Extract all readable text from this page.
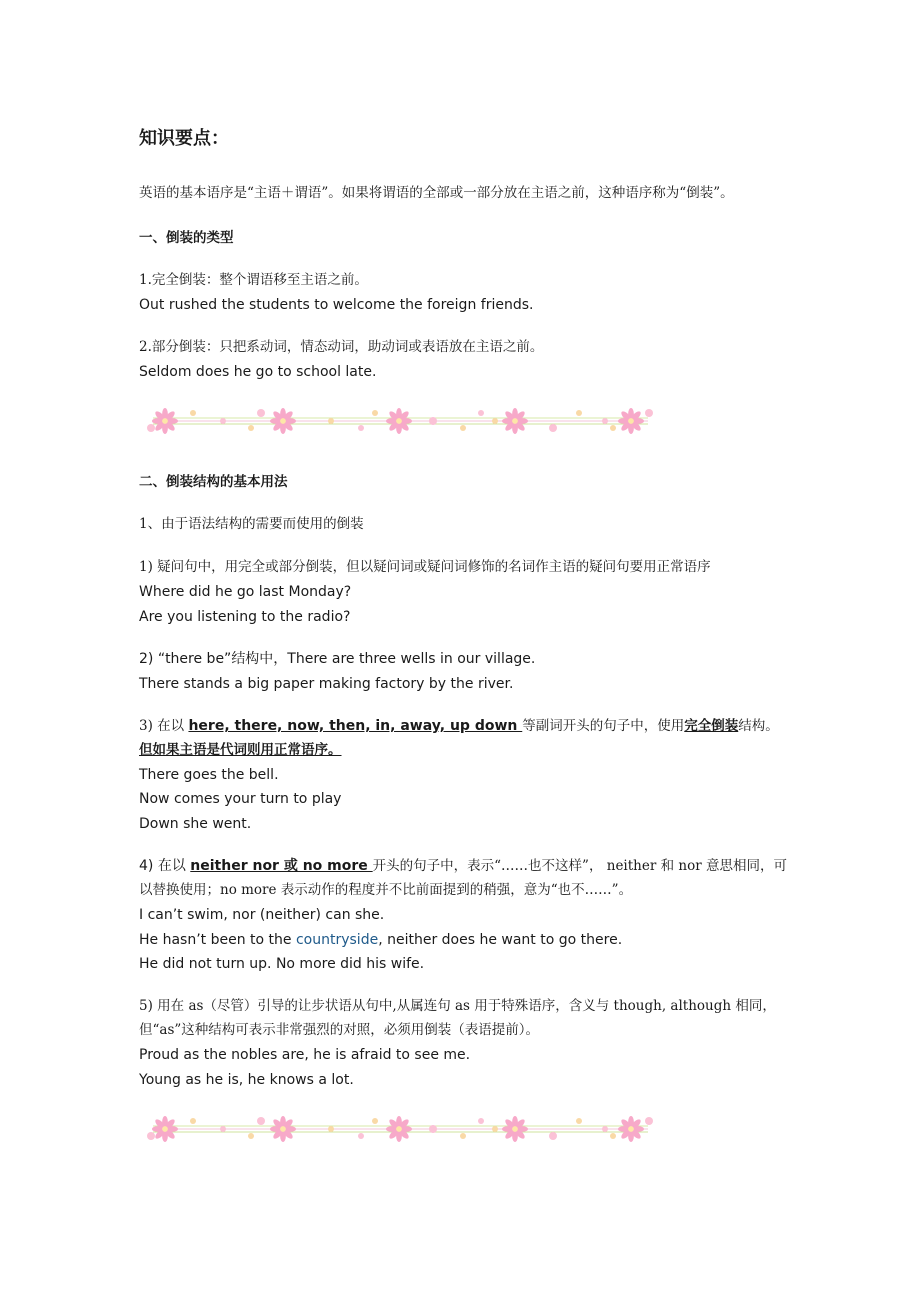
知识要点：
英语的基本语序是“主语＋谓语”。如果将谓语的全部或一部分放在主语之前，这种语序称为“倒装”。
一、倒装的类型
1.完全倒装：整个谓语移至主语之前。
Out rushed the students to welcome the foreign friends.
2.部分倒装：只把系动词，情态动词，助动词或表语放在主语之前。
Seldom does he go to school late.
二、倒装结构的基本用法
1、由于语法结构的需要而使用的倒装
1) 疑问句中，用完全或部分倒装，但以疑问词或疑问词修饰的名词作主语的疑问句要用正常语序
Where did he go last Monday?
Are you listening to the radio?
2) “there be”结构中，There are three wells in our village.
There stands a big paper making factory by the river.
3) 在以 here, there, now, then, in, away, up down 等副词开头的句子中，使用完全倒装结构。
但如果主语是代词则用正常语序。
There goes the bell.
Now comes your turn to play
Down she went.
4) 在以 neither nor 或 no more 开头的句子中，表示“……也不这样”， neither 和 nor 意思相同，可
以替换使用；no more 表示动作的程度并不比前面提到的稍强，意为“也不……”。
I can’t swim, nor (neither) can she.
He hasn’t been to the countryside, neither does he want to go there.
He did not turn up. No more did his wife.
5) 用在 as（尽管）引导的让步状语从句中,从属连句 as 用于特殊语序，含义与 though, although 相同，
但“as”这种结构可表示非常强烈的对照，必须用倒装（表语提前）。
Proud as the nobles are, he is afraid to see me.
Young as he is, he knows a lot.
